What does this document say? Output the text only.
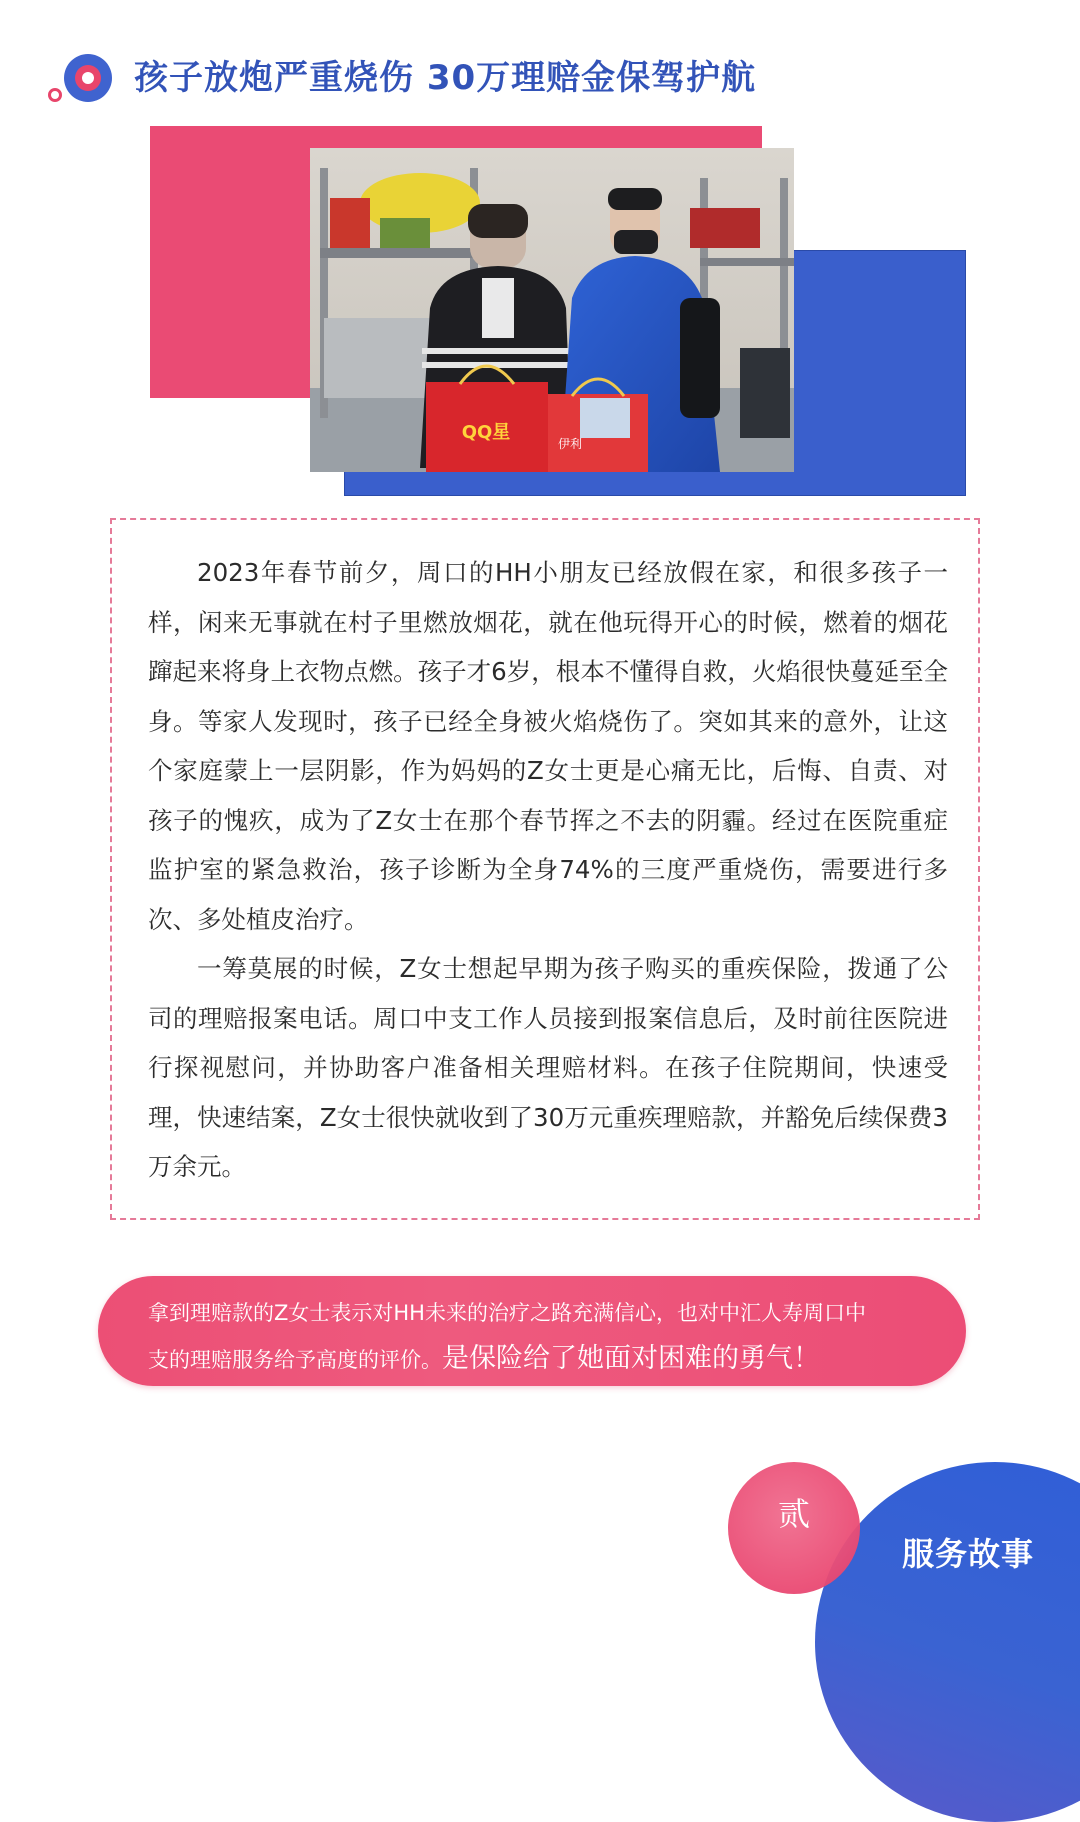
孩子放炮严重烧伤 30万理赔金保驾护航
QQ星
伊利

2023年春节前夕，周口的HH小朋友已经放假在家，和很多孩子一样，闲来无事就在村子里燃放烟花，就在他玩得开心的时候，燃着的烟花蹿起来将身上衣物点燃。孩子才6岁，根本不懂得自救，火焰很快蔓延至全身。等家人发现时，孩子已经全身被火焰烧伤了。突如其来的意外，让这个家庭蒙上一层阴影，作为妈妈的Z女士更是心痛无比，后悔、自责、对孩子的愧疚，成为了Z女士在那个春节挥之不去的阴霾。经过在医院重症监护室的紧急救治，孩子诊断为全身74%的三度严重烧伤，需要进行多次、多处植皮治疗。

一筹莫展的时候，Z女士想起早期为孩子购买的重疾保险，拨通了公司的理赔报案电话。周口中支工作人员接到报案信息后，及时前往医院进行探视慰问，并协助客户准备相关理赔材料。在孩子住院期间，快速受理，快速结案，Z女士很快就收到了30万元重疾理赔款，并豁免后续保费3万余元。

拿到理赔款的Z女士表示对HH未来的治疗之路充满信心，也对中汇人寿周口中
支的理赔服务给予高度的评价。是保险给了她面对困难的勇气！
贰
服务故事
